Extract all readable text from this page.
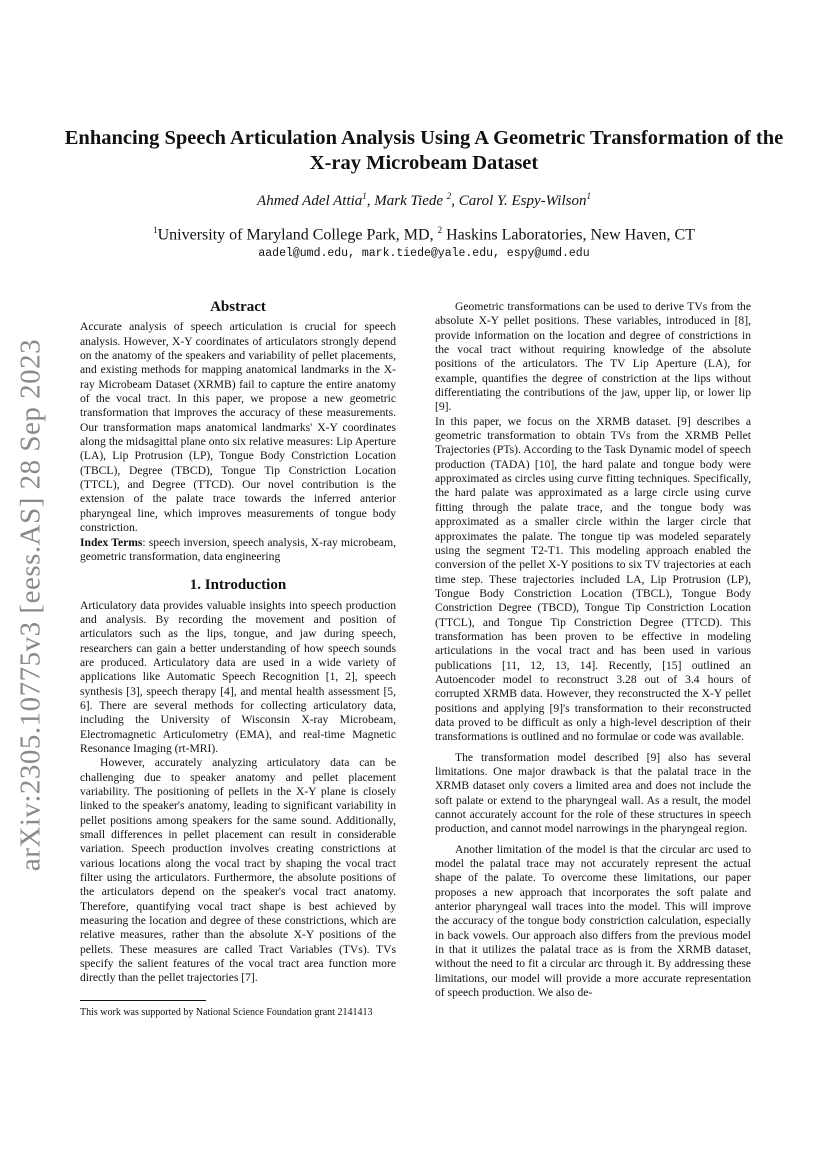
arXiv:2305.10775v3 [eess.AS] 28 Sep 2023
Enhancing Speech Articulation Analysis Using A Geometric Transformation of the X-ray Microbeam Dataset
Ahmed Adel Attia$^1$, Mark Tiede $^2$, Carol Y. Espy-Wilson$^1$
$^1$University of Maryland College Park, MD, $^2$ Haskins Laboratories, New Haven, CT
aadel@umd.edu, mark.tiede@yale.edu, espy@umd.edu
Abstract

Accurate analysis of speech articulation is crucial for speech analysis. However, X-Y coordinates of articulators strongly depend on the anatomy of the speakers and variability of pellet placements, and existing methods for mapping anatomical landmarks in the X-ray Microbeam Dataset (XRMB) fail to capture the entire anatomy of the vocal tract. In this paper, we propose a new geometric transformation that improves the accuracy of these measurements. Our transformation maps anatomical landmarks' X-Y coordinates along the midsagittal plane onto six relative measures: Lip Aperture (LA), Lip Protrusion (LP), Tongue Body Constriction Location (TBCL), Degree (TBCD), Tongue Tip Constriction Location (TTCL), and Degree (TTCD). Our novel contribution is the extension of the palate trace towards the inferred anterior pharyngeal line, which improves measurements of tongue body constriction.

Index Terms: speech inversion, speech analysis, X-ray microbeam, geometric transformation, data engineering

1. Introduction

Articulatory data provides valuable insights into speech production and analysis. By recording the movement and position of articulators such as the lips, tongue, and jaw during speech, researchers can gain a better understanding of how speech sounds are produced. Articulatory data are used in a wide variety of applications like Automatic Speech Recognition [1, 2], speech synthesis [3], speech therapy [4], and mental health assessment [5, 6]. There are several methods for collecting articulatory data, including the University of Wisconsin X-ray Microbeam, Electromagnetic Articulometry (EMA), and real-time Magnetic Resonance Imaging (rt-MRI).

However, accurately analyzing articulatory data can be challenging due to speaker anatomy and pellet placement variability. The positioning of pellets in the X-Y plane is closely linked to the speaker's anatomy, leading to significant variability in pellet positions among speakers for the same sound. Additionally, small differences in pellet placement can result in considerable variation. Speech production involves creating constrictions at various locations along the vocal tract by shaping the vocal tract filter using the articulators. Furthermore, the absolute positions of the articulators depend on the speaker's vocal tract anatomy. Therefore, quantifying vocal tract shape is best achieved by measuring the location and degree of these constrictions, which are relative measures, rather than the absolute X-Y positions of the pellets. These measures are called Tract Variables (TVs). TVs specify the salient features of the vocal tract area function more directly than the pellet trajectories [7].

This work was supported by National Science Foundation grant 2141413

Geometric transformations can be used to derive TVs from the absolute X-Y pellet positions. These variables, introduced in [8], provide information on the location and degree of constrictions in the vocal tract without requiring knowledge of the absolute positions of the articulators. The TV Lip Aperture (LA), for example, quantifies the degree of constriction at the lips without differentiating the contributions of the jaw, upper lip, or lower lip [9].

In this paper, we focus on the XRMB dataset. [9] describes a geometric transformation to obtain TVs from the XRMB Pellet Trajectories (PTs). According to the Task Dynamic model of speech production (TADA) [10], the hard palate and tongue body were approximated as circles using curve fitting techniques. Specifically, the hard palate was approximated as a large circle using curve fitting through the palate trace, and the tongue body was approximated as a smaller circle within the larger circle that approximates the palate. The tongue tip was modeled separately using the segment T2-T1. This modeling approach enabled the conversion of the pellet X-Y positions to six TV trajectories at each time step. These trajectories included LA, Lip Protrusion (LP), Tongue Body Constriction Location (TBCL), Tongue Body Constriction Degree (TBCD), Tongue Tip Constriction Location (TTCL), and Tongue Tip Constriction Degree (TTCD). This transformation has been proven to be effective in modeling articulations in the vocal tract and has been used in various publications [11, 12, 13, 14]. Recently, [15] outlined an Autoencoder model to reconstruct 3.28 out of 3.4 hours of corrupted XRMB data. However, they reconstructed the X-Y pellet positions and applying [9]'s transformation to their reconstructed data proved to be difficult as only a high-level description of their transformations is outlined and no formulae or code was available.

The transformation model described [9] also has several limitations. One major drawback is that the palatal trace in the XRMB dataset only covers a limited area and does not include the soft palate or extend to the pharyngeal wall. As a result, the model cannot accurately account for the role of these structures in speech production, and cannot model narrowings in the pharyngeal region.

Another limitation of the model is that the circular arc used to model the palatal trace may not accurately represent the actual shape of the palate. To overcome these limitations, our paper proposes a new approach that incorporates the soft palate and anterior pharyngeal wall traces into the model. This will improve the accuracy of the tongue body constriction calculation, especially in back vowels. Our approach also differs from the previous model in that it utilizes the palatal trace as is from the XRMB dataset, without the need to fit a circular arc through it. By addressing these limitations, our model will provide a more accurate representation of speech production. We also de-
